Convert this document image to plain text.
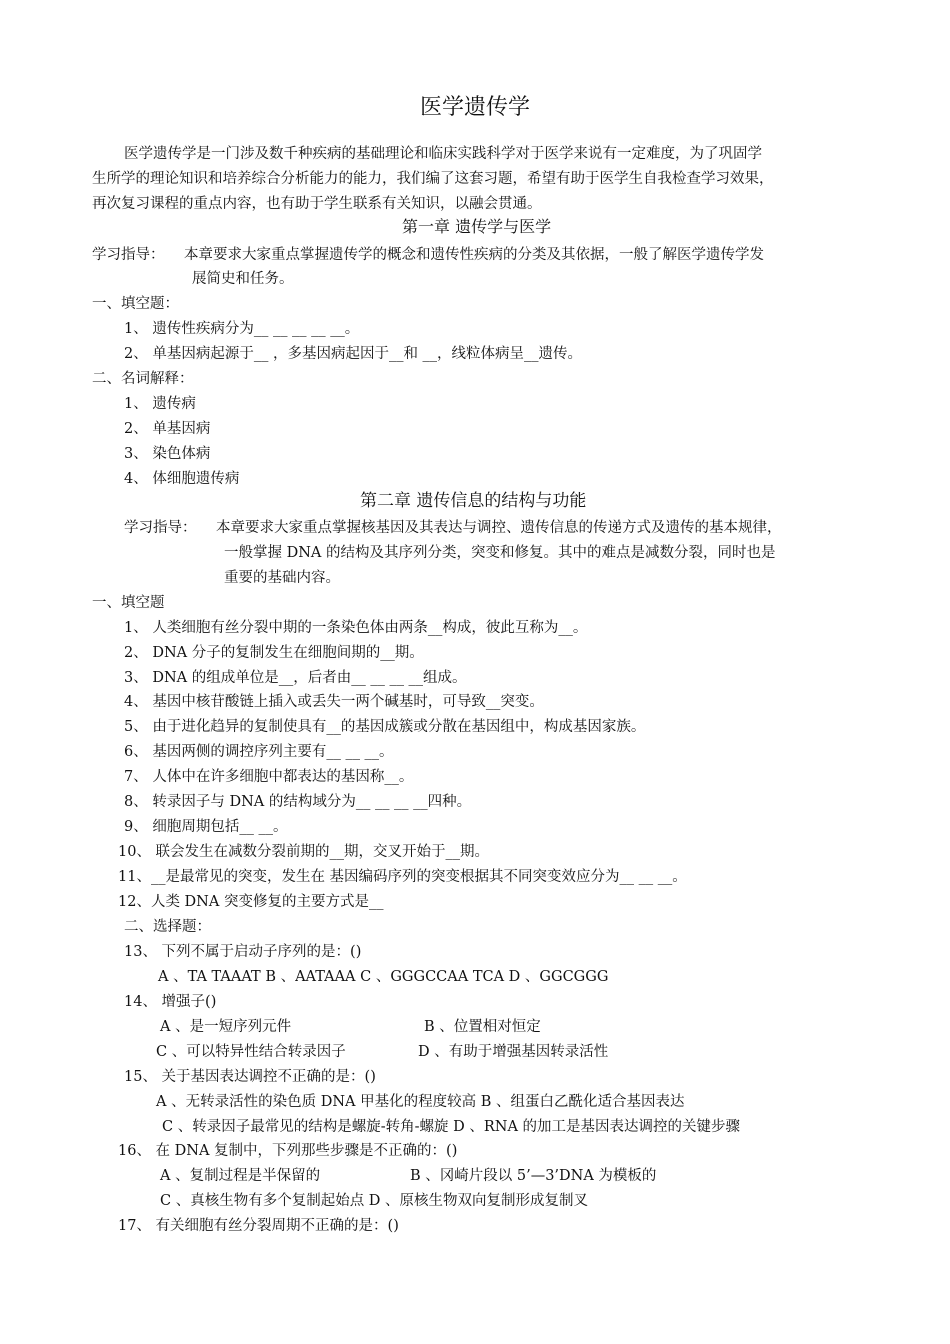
医学遗传学
医学遗传学是一门涉及数千种疾病的基础理论和临床实践科学对于医学来说有一定难度，为了巩固学
生所学的理论知识和培养综合分析能力的能力，我们编了这套习题，希望有助于医学生自我检查学习效果，
再次复习课程的重点内容，也有助于学生联系有关知识，以融会贯通。
第一章 遗传学与医学
学习指导： 本章要求大家重点掌握遗传学的概念和遗传性疾病的分类及其依据，一般了解医学遗传学发
展简史和任务。
一、填空题：
1、 遗传性疾病分为__ __ __ __ __。
2、 单基因病起源于__ ，多基因病起因于__和 __，线粒体病呈__遗传。
二、名词解释：
1、 遗传病
2、 单基因病
3、 染色体病
4、 体细胞遗传病
第二章 遗传信息的结构与功能
学习指导： 本章要求大家重点掌握核基因及其表达与调控、遗传信息的传递方式及遗传的基本规律，
一般掌握 DNA 的结构及其序列分类，突变和修复。其中的难点是减数分裂，同时也是
重要的基础内容。
一、填空题
1、 人类细胞有丝分裂中期的一条染色体由两条__构成，彼此互称为__。
2、 DNA 分子的复制发生在细胞间期的__期。
3、 DNA 的组成单位是__，后者由__ __ __ __组成。
4、 基因中核苷酸链上插入或丢失一两个碱基时，可导致__突变。
5、 由于进化趋异的复制使具有__的基因成簇或分散在基因组中，构成基因家族。
6、 基因两侧的调控序列主要有__ __ __。
7、 人体中在许多细胞中都表达的基因称__。
8、 转录因子与 DNA 的结构域分为__ __ __ __四种。
9、 细胞周期包括__ __。
10、 联会发生在减数分裂前期的__期，交叉开始于__期。
11、__是最常见的突变，发生在 基因编码序列的突变根据其不同突变效应分为__ __ __。
12、人类 DNA 突变修复的主要方式是__
二、选择题：
13、 下列不属于启动子序列的是：()
A 、TA TAAAT B 、AATAAA C 、GGGCCAA TCA D 、GGCGGG
14、 增强子()
A 、是一短序列元件	B 、位置相对恒定
C 、可以特异性结合转录因子	D 、有助于增强基因转录活性
15、 关于基因表达调控不正确的是：()
A 、无转录活性的染色质 DNA 甲基化的程度较高 B 、组蛋白乙酰化适合基因表达
C 、转录因子最常见的结构是螺旋-转角-螺旋 D 、RNA 的加工是基因表达调控的关键步骤
16、 在 DNA 复制中，下列那些步骤是不正确的：()
A 、复制过程是半保留的	B 、冈崎片段以 5’—3’DNA 为模板的
C 、真核生物有多个复制起始点 D 、原核生物双向复制形成复制叉
17、 有关细胞有丝分裂周期不正确的是：()
